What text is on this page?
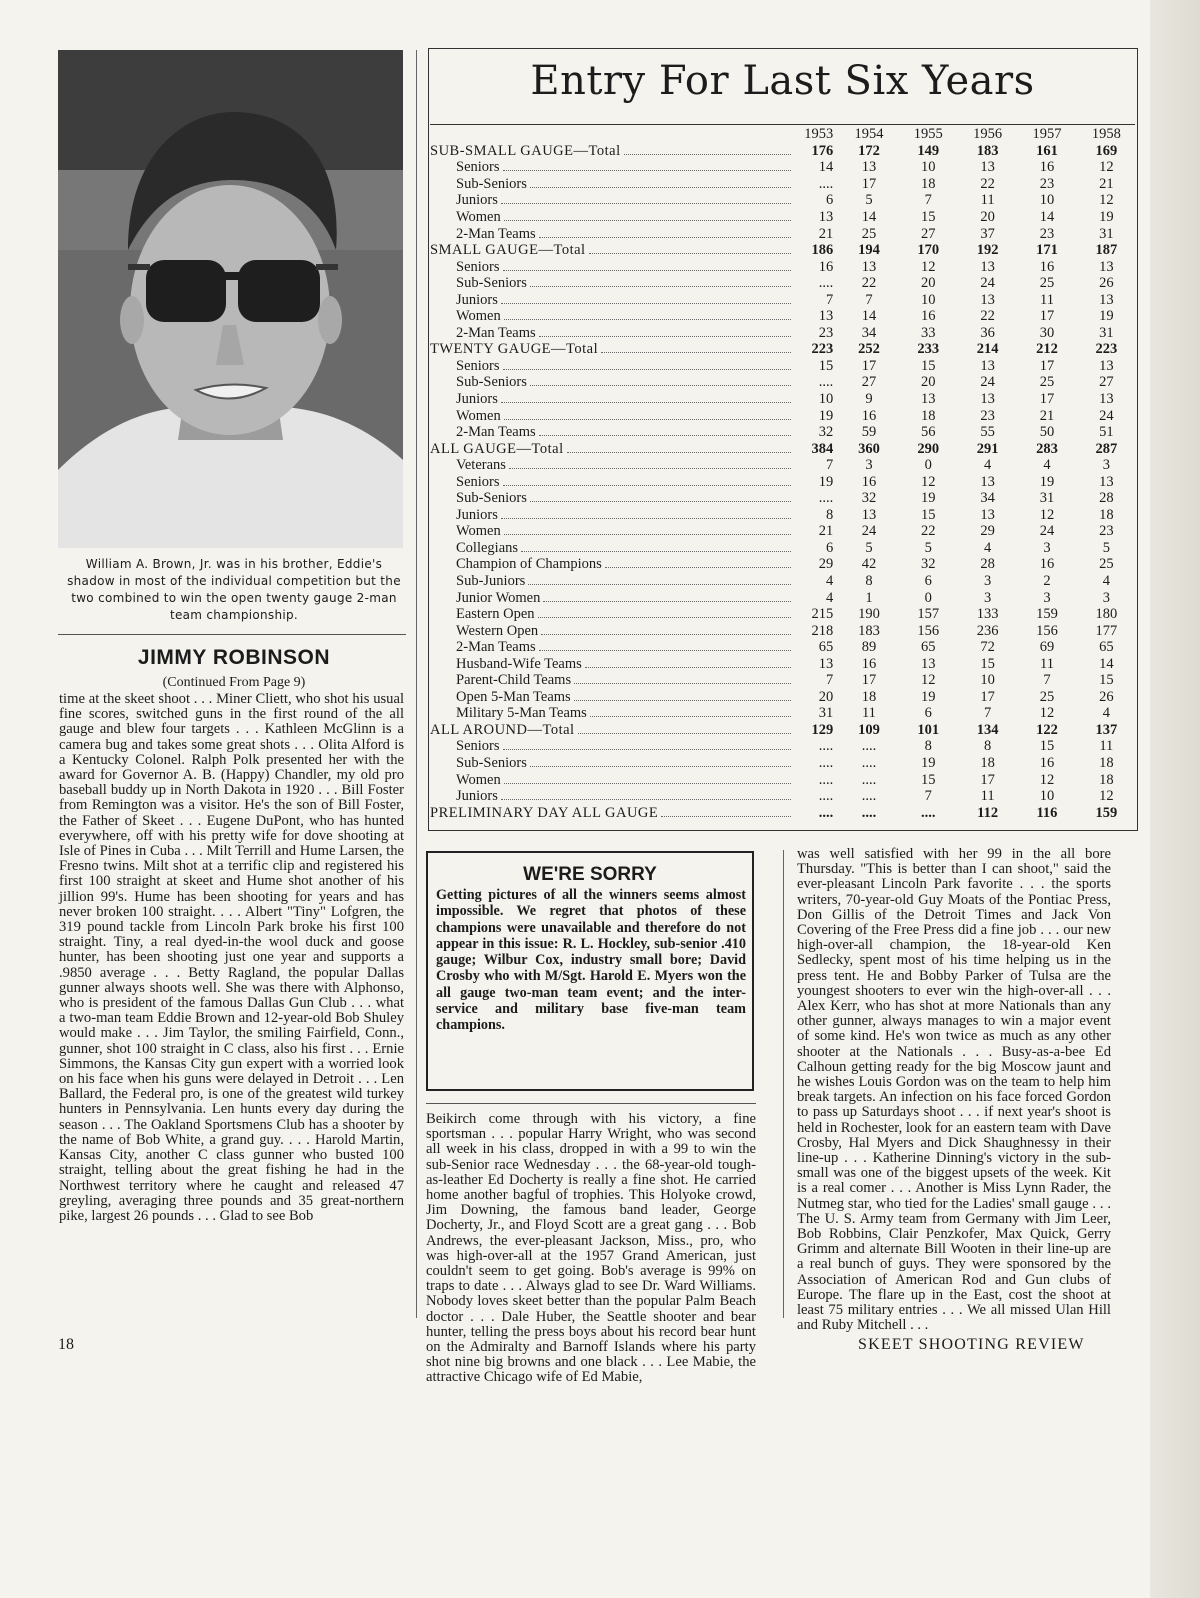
William A. Brown, Jr. was in his brother, Eddie's shadow in most of the individual competition but the two combined to win the open twenty gauge 2-man team championship.
JIMMY ROBINSON
(Continued From Page 9)
time at the skeet shoot . . . Miner Cliett, who shot his usual fine scores, switched guns in the first round of the all gauge and blew four targets . . . Kathleen McGlinn is a camera bug and takes some great shots . . . Olita Alford is a Kentucky Colonel. Ralph Polk presented her with the award for Governor A. B. (Happy) Chandler, my old pro baseball buddy up in North Dakota in 1920 . . . Bill Foster from Remington was a visitor. He's the son of Bill Foster, the Father of Skeet . . . Eugene DuPont, who has hunted everywhere, off with his pretty wife for dove shooting at Isle of Pines in Cuba . . . Milt Terrill and Hume Larsen, the Fresno twins. Milt shot at a terrific clip and registered his first 100 straight at skeet and Hume shot another of his jillion 99's. Hume has been shooting for years and has never broken 100 straight. . . . Albert "Tiny" Lofgren, the 319 pound tackle from Lincoln Park broke his first 100 straight. Tiny, a real dyed-in-the wool duck and goose hunter, has been shooting just one year and supports a .9850 average . . . Betty Ragland, the popular Dallas gunner always shoots well. She was there with Alphonso, who is president of the famous Dallas Gun Club . . . what a two-man team Eddie Brown and 12-year-old Bob Shuley would make . . . Jim Taylor, the smiling Fairfield, Conn., gunner, shot 100 straight in C class, also his first . . . Ernie Simmons, the Kansas City gun expert with a worried look on his face when his guns were delayed in Detroit . . . Len Ballard, the Federal pro, is one of the greatest wild turkey hunters in Pennsylvania. Len hunts every day during the season . . . The Oakland Sportsmens Club has a shooter by the name of Bob White, a grand guy. . . . Harold Martin, Kansas City, another C class gunner who busted 100 straight, telling about the great fishing he had in the Northwest territory where he caught and released 47 greyling, averaging three pounds and 35 great-northern pike, largest 26 pounds . . . Glad to see Bob
Entry For Last Six Years
	1953	1954	1955	1956	1957	1958

SUB-SMALL GAUGE—Total	176	172	149	183	161	169

Seniors	14	13	10	13	16	12

Sub-Seniors	....	17	18	22	23	21

Juniors	6	5	7	11	10	12

Women	13	14	15	20	14	19

2-Man Teams	21	25	27	37	23	31

SMALL GAUGE—Total	186	194	170	192	171	187

Seniors	16	13	12	13	16	13

Sub-Seniors	....	22	20	24	25	26

Juniors	7	7	10	13	11	13

Women	13	14	16	22	17	19

2-Man Teams	23	34	33	36	30	31

TWENTY GAUGE—Total	223	252	233	214	212	223

Seniors	15	17	15	13	17	13

Sub-Seniors	....	27	20	24	25	27

Juniors	10	9	13	13	17	13

Women	19	16	18	23	21	24

2-Man Teams	32	59	56	55	50	51

ALL GAUGE—Total	384	360	290	291	283	287

Veterans	7	3	0	4	4	3

Seniors	19	16	12	13	19	13

Sub-Seniors	....	32	19	34	31	28

Juniors	8	13	15	13	12	18

Women	21	24	22	29	24	23

Collegians	6	5	5	4	3	5

Champion of Champions	29	42	32	28	16	25

Sub-Juniors	4	8	6	3	2	4

Junior Women	4	1	0	3	3	3

Eastern Open	215	190	157	133	159	180

Western Open	218	183	156	236	156	177

2-Man Teams	65	89	65	72	69	65

Husband-Wife Teams	13	16	13	15	11	14

Parent-Child Teams	7	17	12	10	7	15

Open 5-Man Teams	20	18	19	17	25	26

Military 5-Man Teams	31	11	6	7	12	4

ALL AROUND—Total	129	109	101	134	122	137

Seniors	....	....	8	8	15	11

Sub-Seniors	....	....	19	18	16	18

Women	....	....	15	17	12	18

Juniors	....	....	7	11	10	12

PRELIMINARY DAY ALL GAUGE	....	....	....	112	116	159
WE'RE SORRY
Getting pictures of all the winners seems almost impossible. We regret that photos of these champions were unavailable and therefore do not appear in this issue: R. L. Hockley, sub-senior .410 gauge; Wilbur Cox, industry small bore; David Crosby who with M/Sgt. Harold E. Myers won the all gauge two-man team event; and the inter-service and military base five-man team champions.
Beikirch come through with his victory, a fine sportsman . . . popular Harry Wright, who was second all week in his class, dropped in with a 99 to win the sub-Senior race Wednesday . . . the 68-year-old tough-as-leather Ed Docherty is really a fine shot. He carried home another bagful of trophies. This Holyoke crowd, Jim Downing, the famous band leader, George Docherty, Jr., and Floyd Scott are a great gang . . . Bob Andrews, the ever-pleasant Jackson, Miss., pro, who was high-over-all at the 1957 Grand American, just couldn't seem to get going. Bob's average is 99% on traps to date . . . Always glad to see Dr. Ward Williams. Nobody loves skeet better than the popular Palm Beach doctor . . . Dale Huber, the Seattle shooter and bear hunter, telling the press boys about his record bear hunt on the Admiralty and Barnoff Islands where his party shot nine big browns and one black . . . Lee Mabie, the attractive Chicago wife of Ed Mabie,
was well satisfied with her 99 in the all bore Thursday. "This is better than I can shoot," said the ever-pleasant Lincoln Park favorite . . . the sports writers, 70-year-old Guy Moats of the Pontiac Press, Don Gillis of the Detroit Times and Jack Von Covering of the Free Press did a fine job . . . our new high-over-all champion, the 18-year-old Ken Sedlecky, spent most of his time helping us in the press tent. He and Bobby Parker of Tulsa are the youngest shooters to ever win the high-over-all . . . Alex Kerr, who has shot at more Nationals than any other gunner, always manages to win a major event of some kind. He's won twice as much as any other shooter at the Nationals . . . Busy-as-a-bee Ed Calhoun getting ready for the big Moscow jaunt and he wishes Louis Gordon was on the team to help him break targets. An infection on his face forced Gordon to pass up Saturdays shoot . . . if next year's shoot is held in Rochester, look for an eastern team with Dave Crosby, Hal Myers and Dick Shaughnessy in their line-up . . . Katherine Dinning's victory in the sub-small was one of the biggest upsets of the week. Kit is a real comer . . . Another is Miss Lynn Rader, the Nutmeg star, who tied for the Ladies' small gauge . . . The U. S. Army team from Germany with Jim Leer, Bob Robbins, Clair Penzkofer, Max Quick, Gerry Grimm and alternate Bill Wooten in their line-up are a real bunch of guys. They were sponsored by the Association of American Rod and Gun clubs of Europe. The flare up in the East, cost the shoot at least 75 military entries . . . We all missed Ulan Hill and Ruby Mitchell . . .
18	SKEET SHOOTING REVIEW
